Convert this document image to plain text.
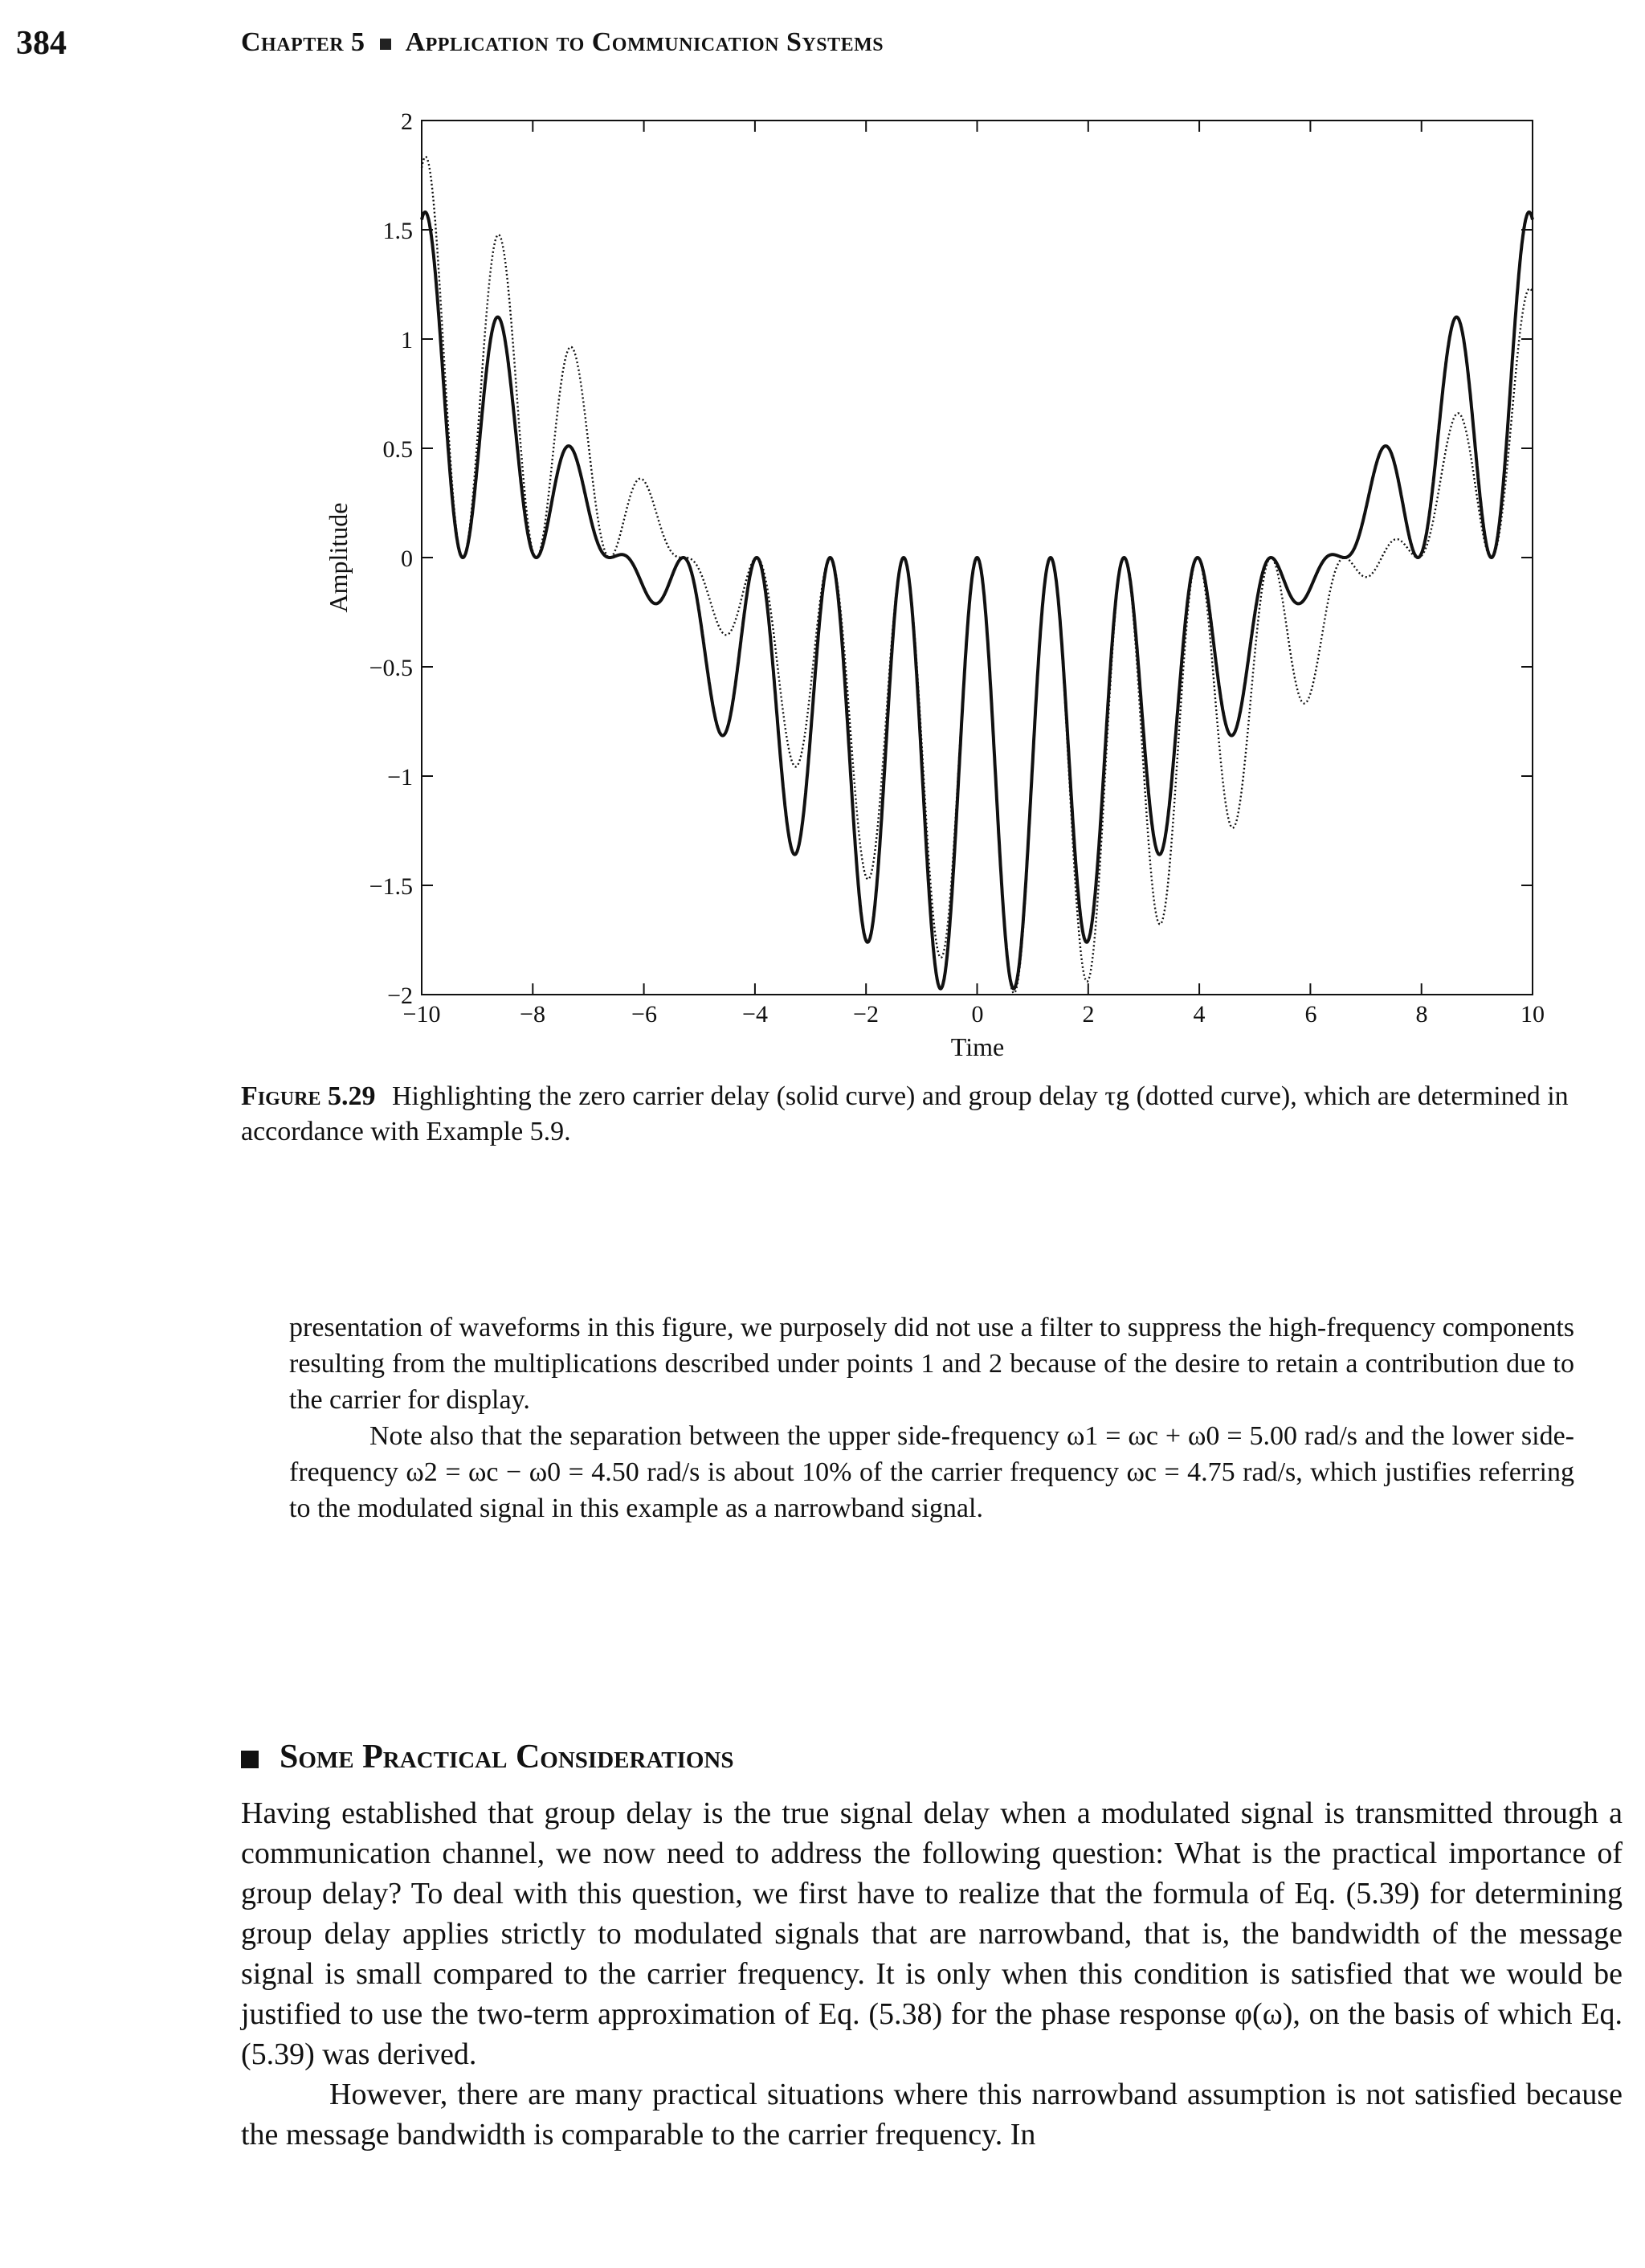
384	Chapter 5 Application to Communication Systems
2
1.5
1
0.5
0
−0.5
−1
−1.5
−2
−10	−8	−6	−4	−2	0	2	4	6	8	10
Time
Amplitude
Figure 5.29 Highlighting the zero carrier delay (solid curve) and group delay τg (dotted curve), which are determined in accordance with Example 5.9.

presentation of waveforms in this figure, we purposely did not use a filter to suppress the high-frequency components resulting from the multiplications described under points 1 and 2 because of the desire to retain a contribution due to the carrier for display.
Note also that the separation between the upper side-frequency ω1 = ωc + ω0 = 5.00 rad/s and the lower side-frequency ω2 = ωc − ω0 = 4.50 rad/s is about 10% of the carrier frequency ωc = 4.75 rad/s, which justifies referring to the modulated signal in this example as a narrowband signal.

Some Practical Considerations

Having established that group delay is the true signal delay when a modulated signal is transmitted through a communication channel, we now need to address the following question: What is the practical importance of group delay? To deal with this question, we first have to realize that the formula of Eq. (5.39) for determining group delay applies strictly to modulated signals that are narrowband, that is, the bandwidth of the message signal is small compared to the carrier frequency. It is only when this condition is satisfied that we would be justified to use the two-term approximation of Eq. (5.38) for the phase response φ(ω), on the basis of which Eq. (5.39) was derived.
However, there are many practical situations where this narrowband assumption is not satisfied because the message bandwidth is comparable to the carrier frequency. In
